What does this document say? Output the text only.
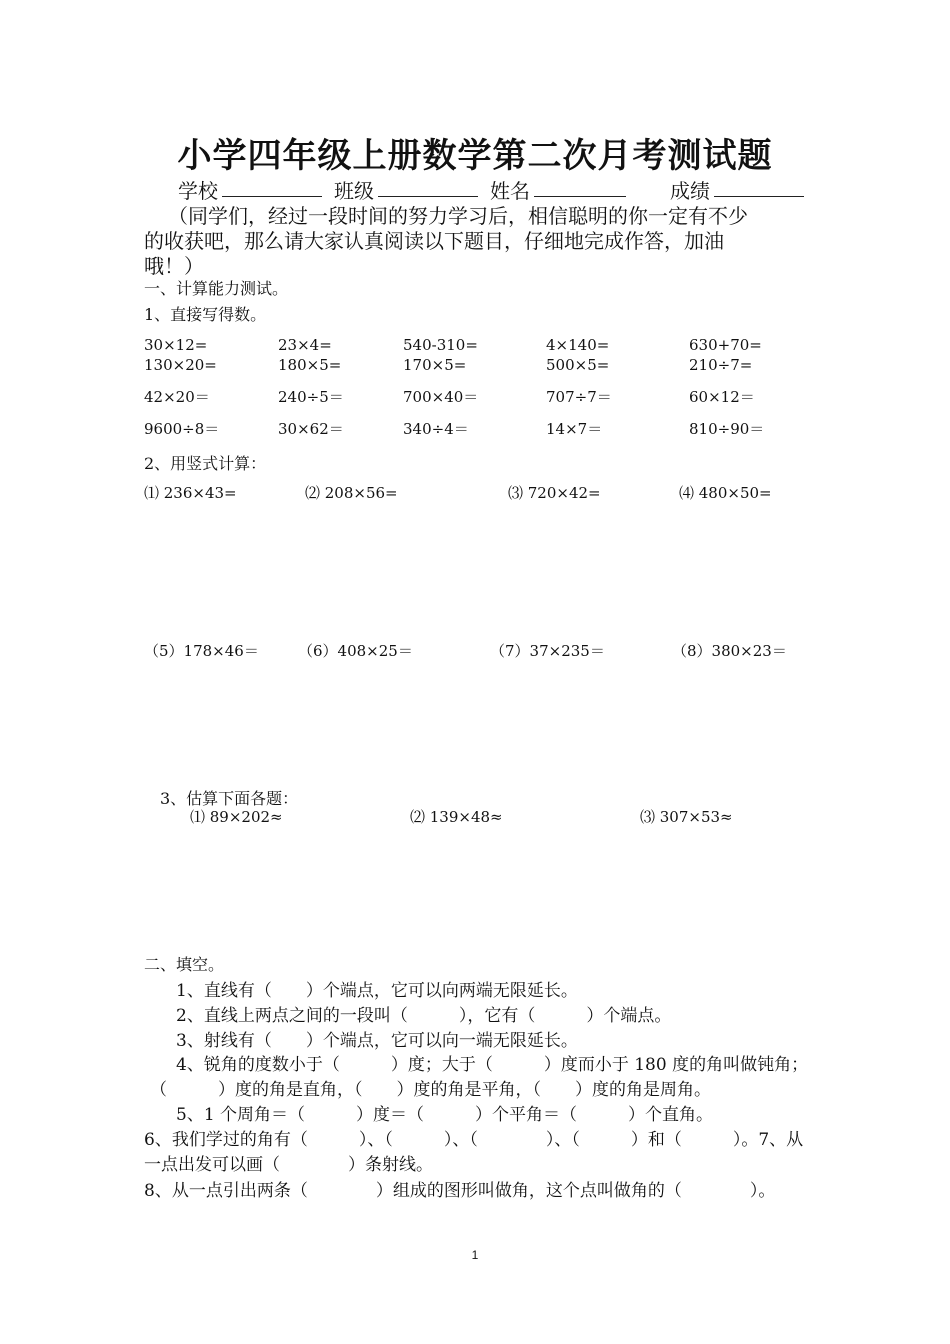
小学四年级上册数学第二次月考测试题
学校	班级	姓名	成绩
（同学们，经过一段时间的努力学习后，相信聪明的你一定有不少
的收获吧，那么请大家认真阅读以下题目，仔细地完成作答，加油
哦！）
一、计算能力测试。
1、直接写得数。
30×12=	23×4=	540-310=	4×140=	630+70=
130×20=	180×5=	170×5=	500×5=	210÷7=
42×20＝	240÷5＝	700×40＝	707÷7＝	60×12＝
9600÷8＝	30×62＝	340÷4＝	14×7＝	810÷90＝
2、用竖式计算：
⑴ 236×43=	⑵ 208×56=	⑶ 720×42=	⑷ 480×50=
（5）178×46＝	（6）408×25＝	（7）37×235＝	（8）380×23＝
3、估算下面各题：
⑴ 89×202≈	⑵ 139×48≈	⑶ 307×53≈
二、填空。
1、直线有（　　）个端点，它可以向两端无限延长。
2、直线上两点之间的一段叫（　　　），它有（　　　）个端点。
3、射线有（　　）个端点，它可以向一端无限延长。
4、锐角的度数小于（　　　）度；大于（　　　）度而小于 180 度的角叫做钝角；
（　　　）度的角是直角，（　　）度的角是平角，（　　）度的角是周角。
5、1 个周角＝（　　　）度＝（　　　）个平角＝（　　　）个直角。
6、我们学过的角有（　　　）、（　　　）、（　　　　）、（　　　）和（　　　）。7、从
一点出发可以画（　　　　）条射线。
8、从一点引出两条（　　　　）组成的图形叫做角，这个点叫做角的（　　　　）。
1
